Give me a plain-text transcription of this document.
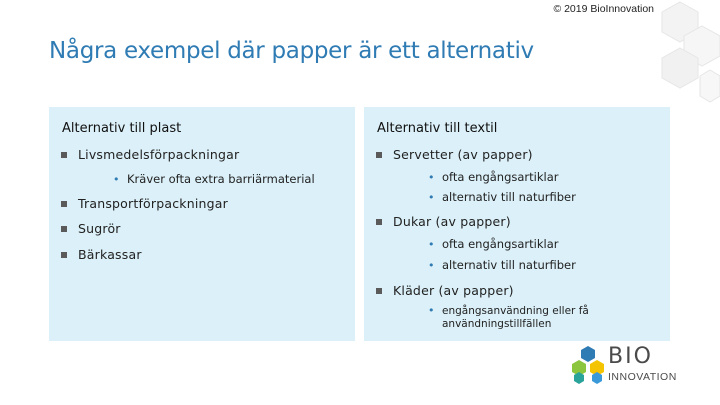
© 2019 BioInnovation
Några exempel där papper är ett alternativ
Alternativ till plast
Livsmedelsförpackningar
• Kräver ofta extra barriärmaterial
Transportförpackningar
Sugrör
Bärkassar
Alternativ till textil
Servetter (av papper)
• ofta engångsartiklar
• alternativ till naturfiber
Dukar (av papper)
• ofta engångsartiklar
• alternativ till naturfiber
Kläder (av papper)
• engångsanvändning eller få
användningstillfällen
BIO
INNOVATION
